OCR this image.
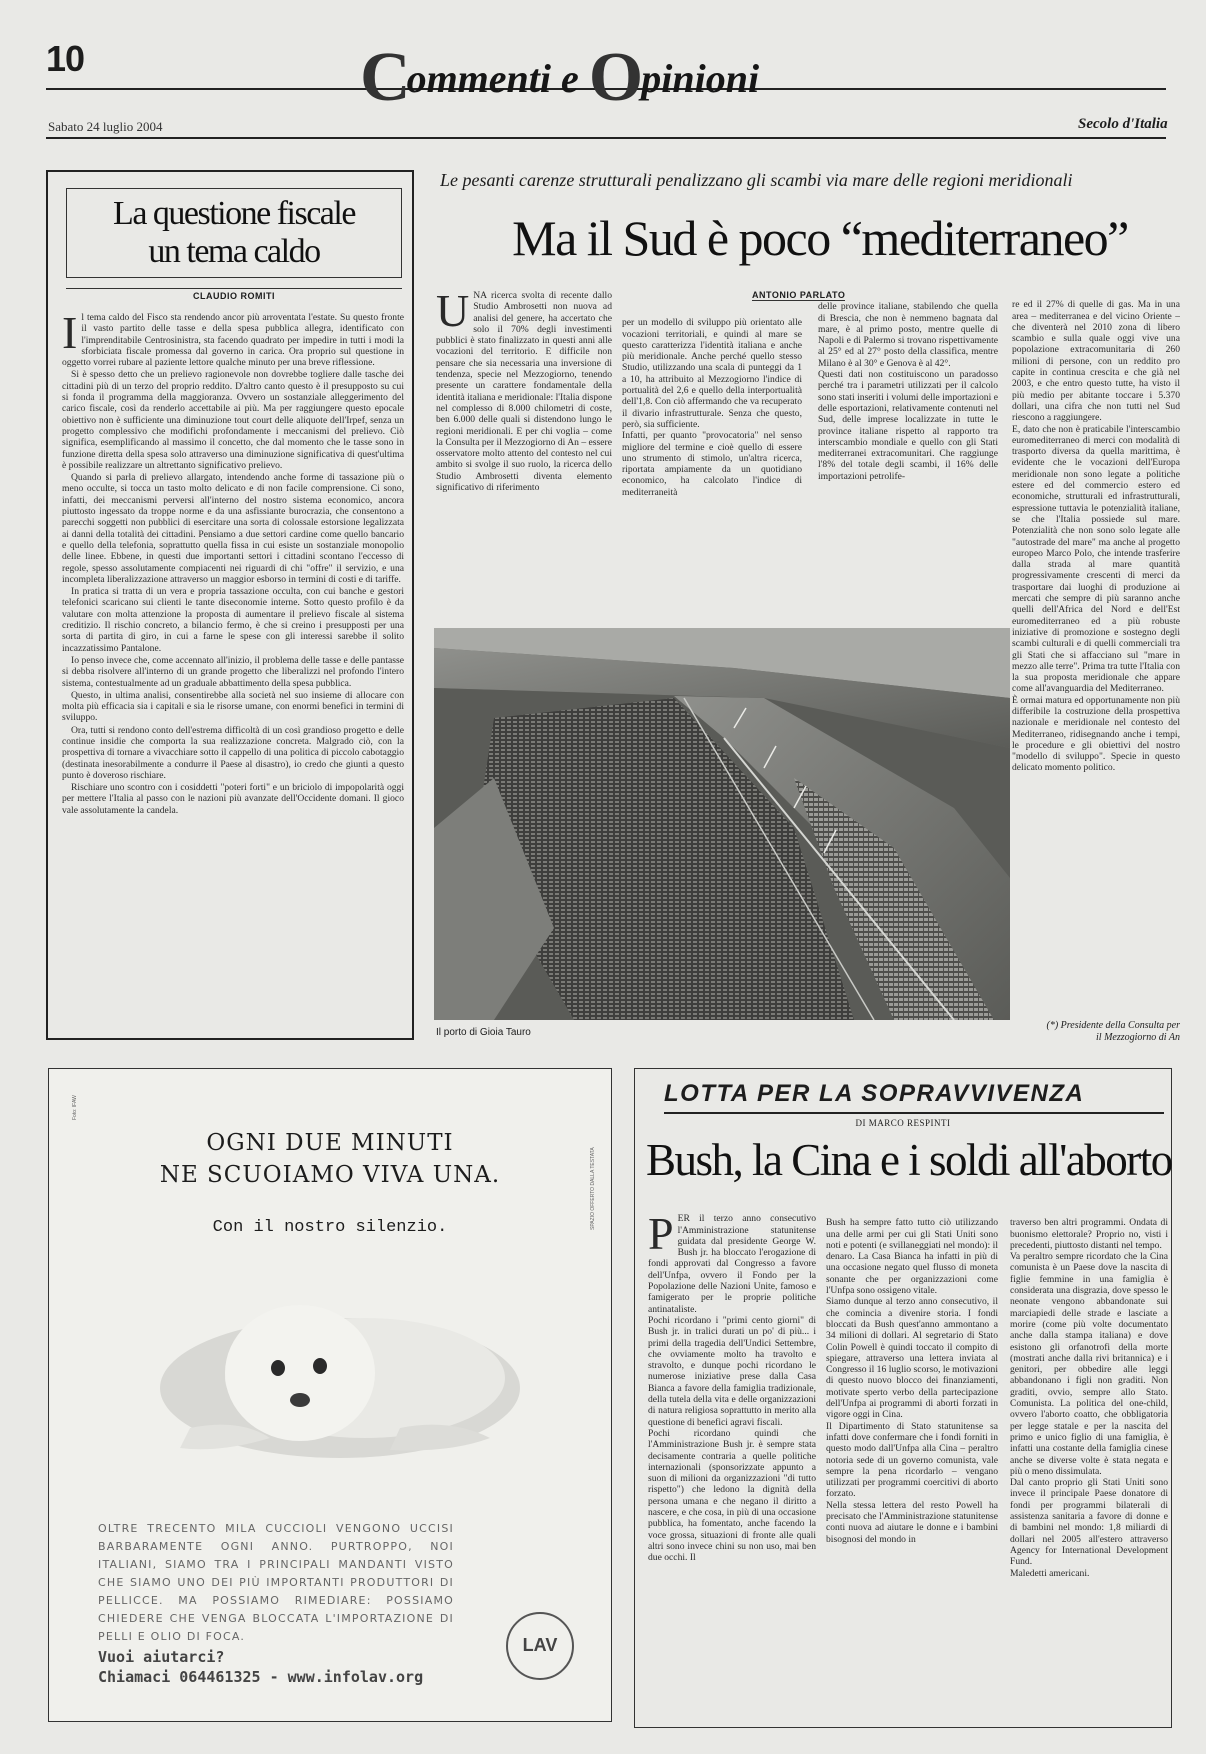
10	Commenti e Opinioni
Sabato 24 luglio 2004	Secolo d'Italia
La questione fiscale
un tema caldo
CLAUDIO ROMITI
I l tema caldo del Fisco sta rendendo ancor più arroventata l'estate. Su questo fronte il vasto partito delle tasse e della spesa pubblica allegra, identificato con l'imprenditabile Centrosinistra, sta facendo quadrato per impedire in tutti i modi la sforbiciata fiscale promessa dal governo in carica. Ora proprio sul questione in oggetto vorrei rubare al paziente lettore qualche minuto per una breve riflessione.

Si è spesso detto che un prelievo ragionevole non dovrebbe togliere dalle tasche dei cittadini più di un terzo del proprio reddito. D'altro canto questo è il presupposto su cui si fonda il programma della maggioranza. Ovvero un sostanziale alleggerimento del carico fiscale, così da renderlo accettabile ai più. Ma per raggiungere questo epocale obiettivo non è sufficiente una diminuzione tout court delle aliquote dell'Irpef, senza un progetto complessivo che modifichi profondamente i meccanismi del prelievo. Ciò significa, esemplificando al massimo il concetto, che dal momento che le tasse sono in funzione diretta della spesa solo attraverso una diminuzione significativa di quest'ultima è possibile realizzare un altrettanto significativo prelievo.

Quando si parla di prelievo allargato, intendendo anche forme di tassazione più o meno occulte, si tocca un tasto molto delicato e di non facile comprensione. Ci sono, infatti, dei meccanismi perversi all'interno del nostro sistema economico, ancora piuttosto ingessato da troppe norme e da una asfissiante burocrazia, che consentono a parecchi soggetti non pubblici di esercitare una sorta di colossale estorsione legalizzata ai danni della totalità dei cittadini. Pensiamo a due settori cardine come quello bancario e quello della telefonia, soprattutto quella fissa in cui esiste un sostanziale monopolio delle linee. Ebbene, in questi due importanti settori i cittadini scontano l'eccesso di regole, spesso assolutamente compiacenti nei riguardi di chi "offre" il servizio, e una incompleta liberalizzazione attraverso un maggior esborso in termini di costi e di tariffe.

In pratica si tratta di un vera e propria tassazione occulta, con cui banche e gestori telefonici scaricano sui clienti le tante diseconomie interne. Sotto questo profilo è da valutare con molta attenzione la proposta di aumentare il prelievo fiscale al sistema creditizio. Il rischio concreto, a bilancio fermo, è che si creino i presupposti per una sorta di partita di giro, in cui a farne le spese con gli interessi sarebbe il solito incazzatissimo Pantalone.

Io penso invece che, come accennato all'inizio, il problema delle tasse e delle pantasse si debba risolvere all'interno di un grande progetto che liberalizzi nel profondo l'intero sistema, contestualmente ad un graduale abbattimento della spesa pubblica.

Questo, in ultima analisi, consentirebbe alla società nel suo insieme di allocare con molta più efficacia sia i capitali e sia le risorse umane, con enormi benefici in termini di sviluppo.

Ora, tutti si rendono conto dell'estrema difficoltà di un così grandioso progetto e delle continue insidie che comporta la sua realizzazione concreta. Malgrado ciò, con la prospettiva di tornare a vivacchiare sotto il cappello di una politica di piccolo cabotaggio (destinata inesorabilmente a condurre il Paese al disastro), io credo che giunti a questo punto è doveroso rischiare.

Rischiare uno scontro con i cosiddetti "poteri forti" e un briciolo di impopolarità oggi per mettere l'Italia al passo con le nazioni più avanzate dell'Occidente domani. Il gioco vale assolutamente la candela.

Le pesanti carenze strutturali penalizzano gli scambi via mare delle regioni meridionali
Ma il Sud è poco “mediterraneo”
ANTONIO PARLATO
UNA ricerca svolta di recente dallo Studio Ambrosetti non nuova ad analisi del genere, ha accertato che solo il 70% degli investimenti pubblici è stato finalizzato in questi anni alle vocazioni del territorio. E difficile non pensare che sia necessaria una inversione di tendenza, specie nel Mezzogiorno, tenendo presente un carattere fondamentale della identità italiana e meridionale: l'Italia dispone nel complesso di 8.000 chilometri di coste, ben 6.000 delle quali si distendono lungo le regioni meridionali. E per chi voglia – come la Consulta per il Mezzogiorno di An – essere osservatore molto attento del contesto nel cui ambito si svolge il suo ruolo, la ricerca dello Studio Ambrosetti diventa elemento significativo di riferimento

per un modello di sviluppo più orientato alle vocazioni territoriali, e quindi al mare se questo caratterizza l'identità italiana e anche più meridionale. Anche perché quello stesso Studio, utilizzando una scala di punteggi da 1 a 10, ha attribuito al Mezzogiorno l'indice di portualità del 2,6 e quello della interportualità dell'1,8. Con ciò affermando che va recuperato il divario infrastrutturale. Senza che questo, però, sia sufficiente.
Infatti, per quanto "provocatoria" nel senso migliore del termine e cioè quello di essere uno strumento di stimolo, un'altra ricerca, riportata ampiamente da un quotidiano economico, ha calcolato l'indice di mediterraneità

delle province italiane, stabilendo che quella di Brescia, che non è nemmeno bagnata dal mare, è al primo posto, mentre quelle di Napoli e di Palermo si trovano rispettivamente al 25° ed al 27° posto della classifica, mentre Milano è al 30° e Genova è al 42°.
Questi dati non costituiscono un paradosso perché tra i parametri utilizzati per il calcolo sono stati inseriti i volumi delle importazioni e delle esportazioni, relativamente contenuti nel Sud, delle imprese localizzate in tutte le province italiane rispetto al rapporto tra interscambio mondiale e quello con gli Stati mediterranei extracomunitari. Che raggiunge l'8% del totale degli scambi, il 16% delle importazioni petrolife-

re ed il 27% di quelle di gas. Ma in una area – mediterranea e del vicino Oriente – che diventerà nel 2010 zona di libero scambio e sulla quale oggi vive una popolazione extracomunitaria di 260 milioni di persone, con un reddito pro capite in continua crescita e che già nel 2003, e che entro questo tutte, ha visto il più medio per abitante toccare i 5.370 dollari, una cifra che non tutti nel Sud riescono a raggiungere.
E, dato che non è praticabile l'interscambio euromediterraneo di merci con modalità di trasporto diversa da quella marittima, è evidente che le vocazioni dell'Europa meridionale non sono legate a politiche estere ed del commercio estero ed economiche, strutturali ed infrastrutturali, espressione tuttavia le potenzialità italiane, se che l'Italia possiede sul mare. Potenzialità che non sono solo legate alle "autostrade del mare" ma anche al progetto europeo Marco Polo, che intende trasferire dalla strada al mare quantità progressivamente crescenti di merci da trasportare dai luoghi di produzione ai mercati che sempre di più saranno anche quelli dell'Africa del Nord e dell'Est euromediterraneo ed a più robuste iniziative di promozione e sostegno degli scambi culturali e di quelli commerciali tra gli Stati che si affacciano sul "mare in mezzo alle terre". Prima tra tutte l'Italia con la sua proposta meridionale che appare come all'avanguardia del Mediterraneo.
È ormai matura ed opportunamente non più differibile la costruzione della prospettiva nazionale e meridionale nel contesto del Mediterraneo, ridisegnando anche i tempi, le procedure e gli obiettivi del nostro "modello di sviluppo". Specie in questo delicato momento politico.

Il porto di Gioia Tauro
(*) Presidente della Consulta per il Mezzogiorno di An
Foto: IFAW
SPAZIO OFFERTO DALLA TESTATA
OGNI DUE MINUTI
NE SCUOIAMO VIVA UNA.
Con il nostro silenzio.
OLTRE TRECENTO MILA CUCCIOLI VENGONO UCCISI BARBARAMENTE OGNI ANNO. PURTROPPO, NOI ITALIANI, SIAMO TRA I PRINCIPALI MANDANTI VISTO CHE SIAMO UNO DEI PIÙ IMPORTANTI PRODUTTORI DI PELLICCE. MA POSSIAMO RIMEDIARE: POSSIAMO CHIEDERE CHE VENGA BLOCCATA L'IMPORTAZIONE DI PELLI E OLIO DI FOCA.
Vuoi aiutarci?
Chiamaci 064461325 - www.infolav.org
LAV
LOTTA PER LA SOPRAVVIVENZA
DI MARCO RESPINTI
Bush, la Cina e i soldi all'aborto

PER il terzo anno consecutivo l'Amministrazione statunitense guidata dal presidente George W. Bush jr. ha bloccato l'erogazione di fondi approvati dal Congresso a favore dell'Unfpa, ovvero il Fondo per la Popolazione delle Nazioni Unite, famoso e famigerato per le proprie politiche antinataliste.
Pochi ricordano i "primi cento giorni" di Bush jr. in tralici durati un po' di più... i primi della tragedia dell'Undici Settembre, che ovviamente molto ha travolto e stravolto, e dunque pochi ricordano le numerose iniziative prese dalla Casa Bianca a favore della famiglia tradizionale, della tutela della vita e delle organizzazioni di natura religiosa soprattutto in merito alla questione di benefici agravi fiscali.
Pochi ricordano quindi che l'Amministrazione Bush jr. è sempre stata decisamente contraria a quelle politiche internazionali (sponsorizzate appunto a suon di milioni da organizzazioni "di tutto rispetto") che ledono la dignità della persona umana e che negano il diritto a nascere, e che cosa, in più di una occasione pubblica, ha fomentato, anche facendo la voce grossa, situazioni di fronte alle quali altri sono invece chini su non uso, mai ben due occhi. Il

Bush ha sempre fatto tutto ciò utilizzando una delle armi per cui gli Stati Uniti sono noti e potenti (e svillaneggiati nel mondo): il denaro. La Casa Bianca ha infatti in più di una occasione negato quel flusso di moneta sonante che per organizzazioni come l'Unfpa sono ossigeno vitale.
Siamo dunque al terzo anno consecutivo, il che comincia a divenire storia. I fondi bloccati da Bush quest'anno ammontano a 34 milioni di dollari. Al segretario di Stato Colin Powell è quindi toccato il compito di spiegare, attraverso una lettera inviata al Congresso il 16 luglio scorso, le motivazioni di questo nuovo blocco dei finanziamenti, motivate sperto verbo della partecipazione dell'Unfpa ai programmi di aborti forzati in vigore oggi in Cina.
Il Dipartimento di Stato statunitense sa infatti dove confermare che i fondi forniti in questo modo dall'Unfpa alla Cina – peraltro notoria sede di un governo comunista, vale sempre la pena ricordarlo – vengano utilizzati per programmi coercitivi di aborto forzato.
Nella stessa lettera del resto Powell ha precisato che l'Amministrazione statunitense conti nuova ad aiutare le donne e i bambini bisognosi del mondo in

traverso ben altri programmi. Ondata di buonismo elettorale? Proprio no, visti i precedenti, piuttosto distanti nel tempo.
Va peraltro sempre ricordato che la Cina comunista è un Paese dove la nascita di figlie femmine in una famiglia è considerata una disgrazia, dove spesso le neonate vengono abbandonate sui marciapiedi delle strade e lasciate a morire (come più volte documentato anche dalla stampa italiana) e dove esistono gli orfanotrofi della morte (mostrati anche dalla rivi britannica) e i genitori, per obbedire alle leggi abbandonano i figli non graditi. Non graditi, ovvio, sempre allo Stato. Comunista. La politica del one-child, ovvero l'aborto coatto, che obbligatoria per legge statale e per la nascita del primo e unico figlio di una famiglia, è infatti una costante della famiglia cinese anche se diverse volte è stata negata e più o meno dissimulata.
Dal canto proprio gli Stati Uniti sono invece il principale Paese donatore di fondi per programmi bilaterali di assistenza sanitaria a favore di donne e di bambini nel mondo: 1,8 miliardi di dollari nel 2005 all'estero attraverso Agency for International Development Fund.
Maledetti americani.
